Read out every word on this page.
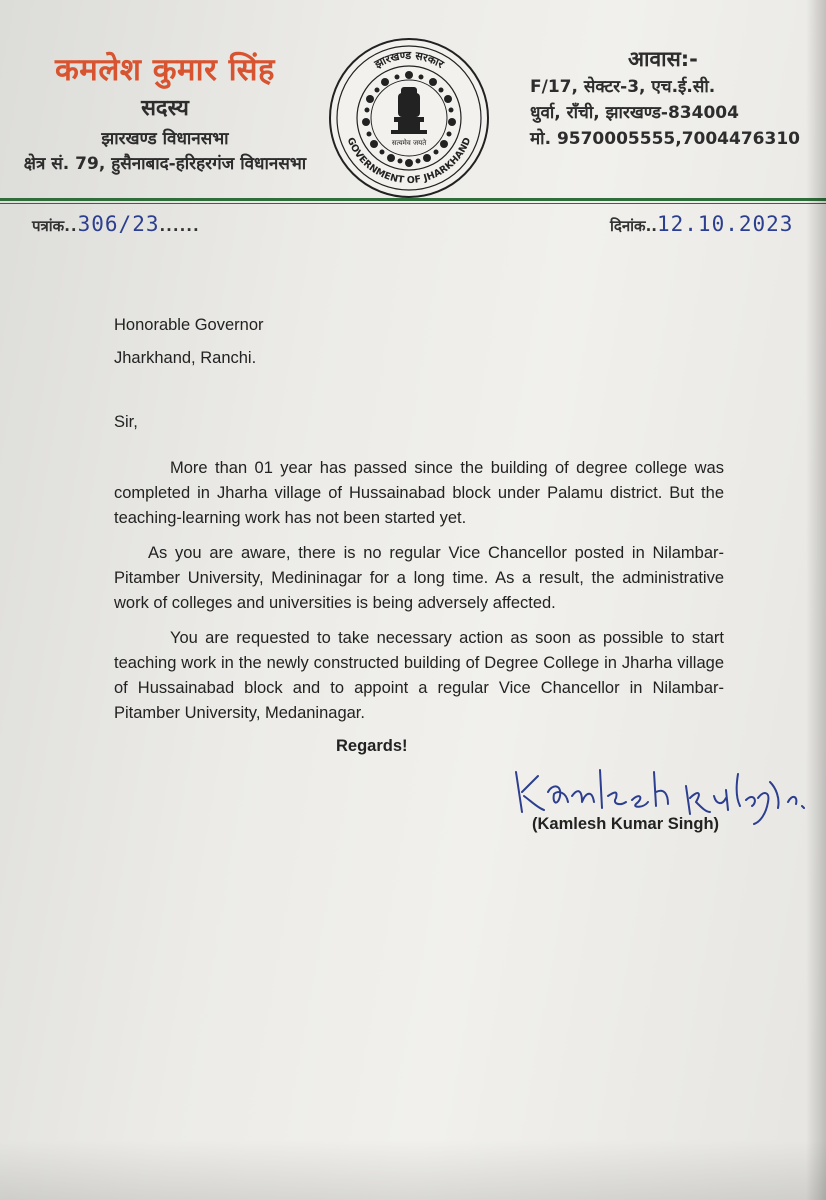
कमलेश कुमार सिंह
सदस्य
झारखण्ड विधानसभा
क्षेत्र सं. 79, हुसैनाबाद-हरिहरगंज विधानसभा
सत्यमेव जयते
झारखण्ड सरकार
GOVERNMENT OF JHARKHAND
आवास:-
F/17, सेक्टर-3, एच.ई.सी.
धुर्वा, राँची, झारखण्ड-834004
मो. 9570005555,7004476310
पत्रांक..306/23......	दिनांक..12.10.2023
Honorable Governor
Jharkhand, Ranchi.
Sir,
More than 01 year has passed since the building of degree college was completed in Jharha village of Hussainabad block under Palamu district. But the teaching-learning work has not been started yet.
As you are aware, there is no regular Vice Chancellor posted in Nilambar-Pitamber University, Medininagar for a long time. As a result, the administrative work of colleges and universities is being adversely affected.
You are requested to take necessary action as soon as possible to start teaching work in the newly constructed building of Degree College in Jharha village of Hussainabad block and to appoint a regular Vice Chancellor in Nilambar-Pitamber University, Medaninagar.
Regards!
(Kamlesh Kumar Singh)
